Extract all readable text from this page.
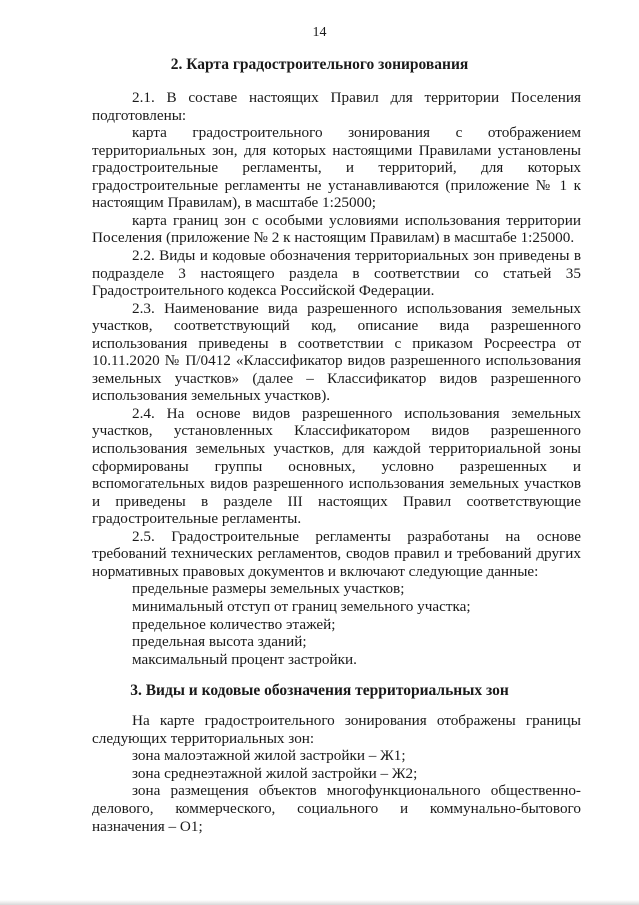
14
2. Карта градостроительного зонирования
2.1. В составе настоящих Правил для территории Поселения
подготовлены:
карта градостроительного зонирования с отображением
территориальных зон, для которых настоящими Правилами установлены
градостроительные регламенты, и территорий, для которых
градостроительные регламенты не устанавливаются (приложение № 1 к
настоящим Правилам), в масштабе 1:25000;
карта границ зон с особыми условиями использования территории
Поселения (приложение № 2 к настоящим Правилам) в масштабе 1:25000.
2.2. Виды и кодовые обозначения территориальных зон приведены в
подразделе 3 настоящего раздела в соответствии со статьей 35
Градостроительного кодекса Российской Федерации.
2.3. Наименование вида разрешенного использования земельных
участков, соответствующий код, описание вида разрешенного
использования приведены в соответствии с приказом Росреестра от
10.11.2020 № П/0412 «Классификатор видов разрешенного использования
земельных участков» (далее – Классификатор видов разрешенного
использования земельных участков).
2.4. На основе видов разрешенного использования земельных
участков, установленных Классификатором видов разрешенного
использования земельных участков, для каждой территориальной зоны
сформированы группы основных, условно разрешенных и
вспомогательных видов разрешенного использования земельных участков
и приведены в разделе III настоящих Правил соответствующие
градостроительные регламенты.
2.5. Градостроительные регламенты разработаны на основе
требований технических регламентов, сводов правил и требований других
нормативных правовых документов и включают следующие данные:
предельные размеры земельных участков;
минимальный отступ от границ земельного участка;
предельное количество этажей;
предельная высота зданий;
максимальный процент застройки.
3. Виды и кодовые обозначения территориальных зон
На карте градостроительного зонирования отображены границы
следующих территориальных зон:
зона малоэтажной жилой застройки – Ж1;
зона среднеэтажной жилой застройки – Ж2;
зона размещения объектов многофункционального общественно-
делового, коммерческого, социального и коммунально-бытового
назначения – О1;
